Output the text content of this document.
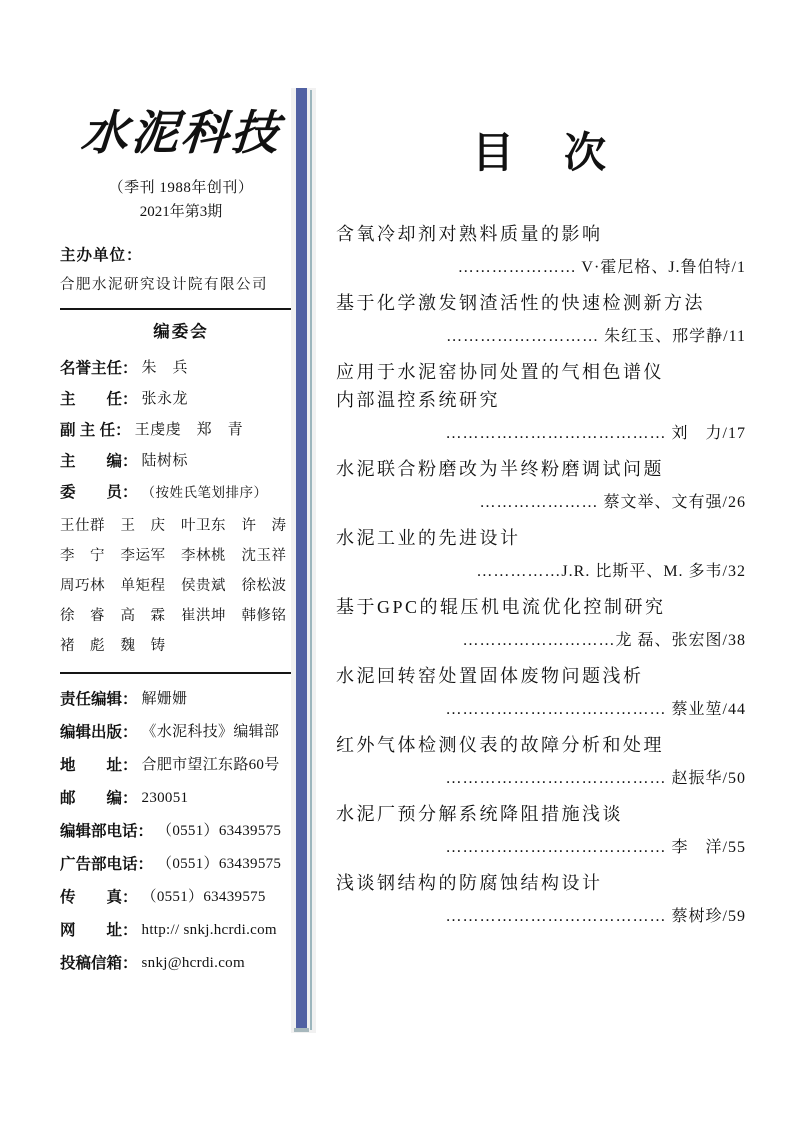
水泥科技
（季刊 1988年创刊）
2021年第3期
主办单位：
合肥水泥研究设计院有限公司
编委会
名誉主任： 朱　兵
主　　任： 张永龙
副 主 任： 王虔虔　郑　青
主　　编： 陆树标
委　　员： （按姓氏笔划排序）
王仕群	王　庆	叶卫东	许　涛
李　宁	李运军	李林桃	沈玉祥
周巧林	单矩程	侯贵斌	徐松波
徐　睿	高　霖	崔洪坤	韩修铭
褚　彪	魏　铸
责任编辑： 解姗姗
编辑出版： 《水泥科技》编辑部
地　　址： 合肥市望江东路60号
邮　　编： 230051
编辑部电话： （0551）63439575
广告部电话： （0551）63439575
传　　真： （0551）63439575
网　　址： http:// snkj.hcrdi.com
投稿信箱： snkj@hcrdi.com
目　次
含氧冷却剂对熟料质量的影响
………………… V·霍尼格、J.鲁伯特/1
基于化学激发钢渣活性的快速检测新方法
……………………… 朱红玉、邢学静/11
应用于水泥窑协同处置的气相色谱仪
内部温控系统研究
………………………………… 刘　力/17
水泥联合粉磨改为半终粉磨调试问题
………………… 蔡文举、文有强/26
水泥工业的先进设计
……………J.R. 比斯平、M. 多韦/32
基于GPC的辊压机电流优化控制研究
………………………龙 磊、张宏图/38
水泥回转窑处置固体废物问题浅析
………………………………… 蔡业堃/44
红外气体检测仪表的故障分析和处理
………………………………… 赵振华/50
水泥厂预分解系统降阻措施浅谈
………………………………… 李　洋/55
浅谈钢结构的防腐蚀结构设计
………………………………… 蔡树珍/59
